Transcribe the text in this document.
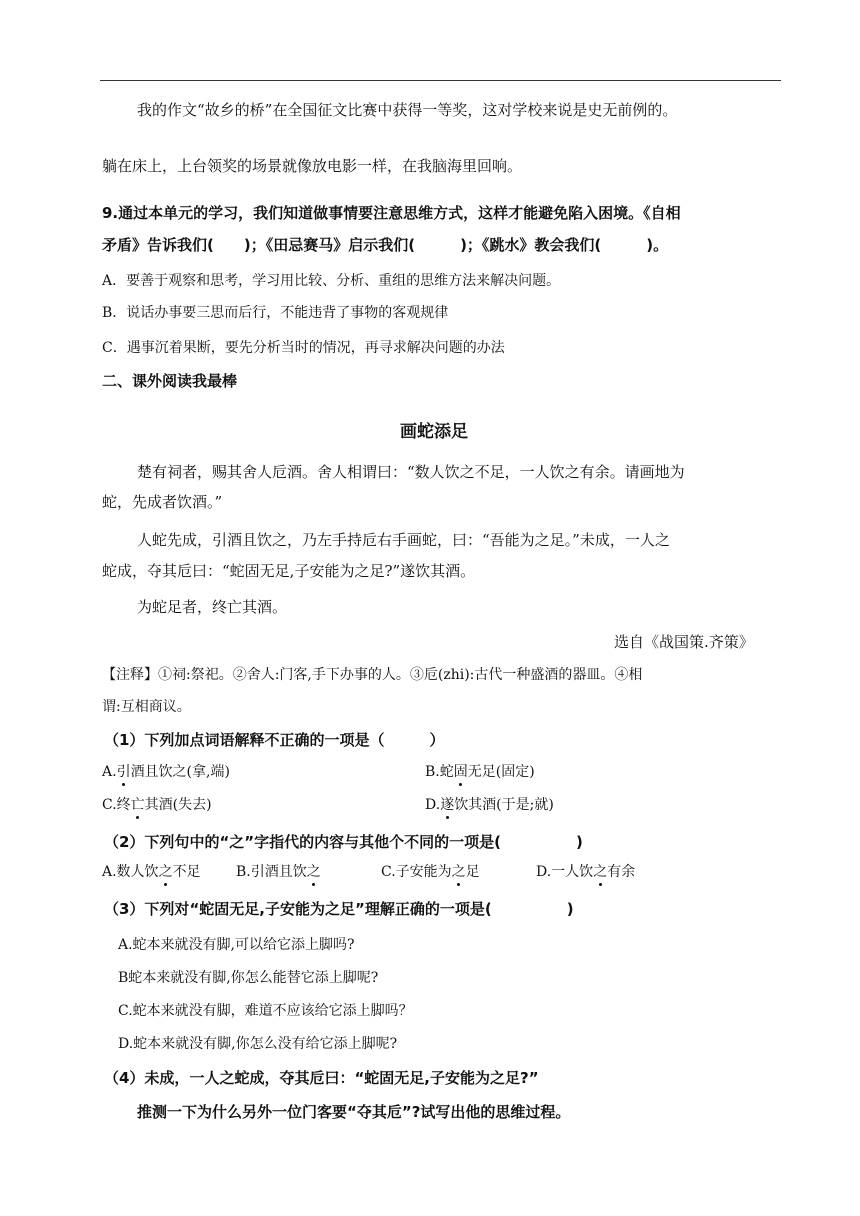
我的作文“故乡的桥”在全国征文比赛中获得一等奖，这对学校来说是史无前例的。
躺在床上，上台领奖的场景就像放电影一样，在我脑海里回响。
9.通过本单元的学习，我们知道做事情要注意思维方式，这样才能避免陷入困境。《自相
矛盾》告诉我们(　　)；《田忌赛马》启示我们(　　　)；《跳水》教会我们(　　　)。
A．要善于观察和思考，学习用比较、分析、重组的思维方法来解决问题。
B．说话办事要三思而后行，不能违背了事物的客观规律
C．遇事沉着果断，要先分析当时的情况，再寻求解决问题的办法
二、课外阅读我最棒
画蛇添足
楚有祠者，赐其舍人卮酒。舍人相谓曰：“数人饮之不足，一人饮之有余。请画地为
蛇，先成者饮酒。”
人蛇先成，引酒且饮之，乃左手持卮右手画蛇，曰：“吾能为之足。”未成，一人之
蛇成，夺其卮曰：“蛇固无足,子安能为之足?”遂饮其酒。
为蛇足者，终亡其酒。
选自《战国策.齐策》
【注释】①祠:祭祀。②舍人:门客,手下办事的人。③卮(zhi):古代一种盛酒的器皿。④相
谓:互相商议。
（1）下列加点词语解释不正确的一项是（　　　）
A.引酒且饮之(拿,端)	B.蛇固无足(固定)
C.终亡其酒(失去)	D.遂饮其酒(于是;就)
（2）下列句中的“之”字指代的内容与其他个不同的一项是(　　　　　)
A.数人饮之不足	B.引酒且饮之	C.子安能为之足	D.一人饮之有余
（3）下列对“蛇固无足,子安能为之足”理解正确的一项是(　　　　　)
A.蛇本来就没有脚,可以给它添上脚吗?
B蛇本来就没有脚,你怎么能替它添上脚呢?
C.蛇本来就没有脚，难道不应该给它添上脚吗？
D.蛇本来就没有脚,你怎么没有给它添上脚呢?
（4）未成，一人之蛇成，夺其卮曰：“蛇固无足,子安能为之足?”
推测一下为什么另外一位门客要“夺其卮”?试写出他的思维过程。
